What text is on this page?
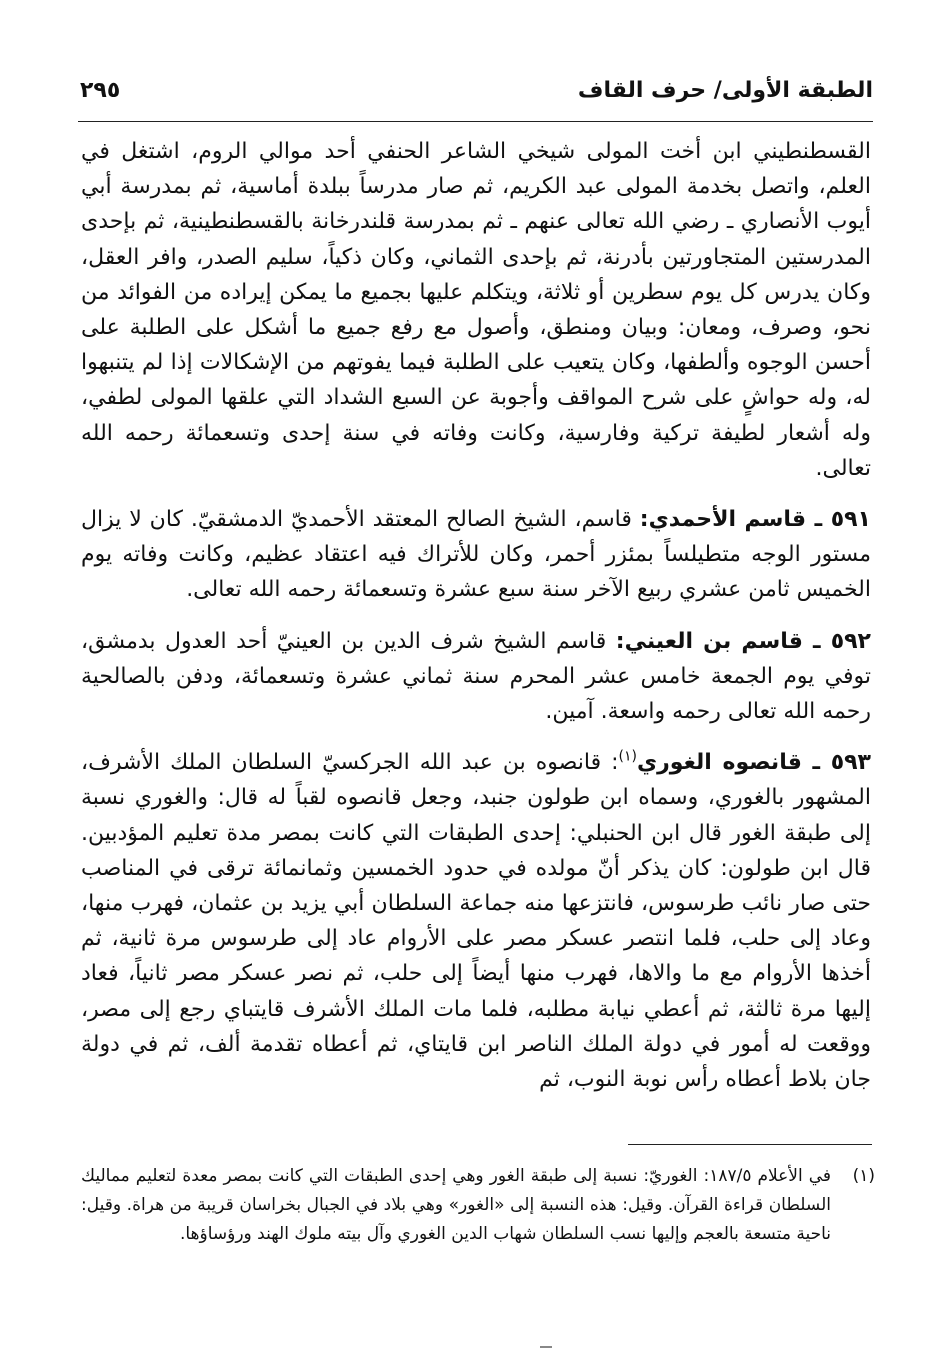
الطبقة الأولى/ حرف القاف
٢٩٥

القسطنطيني ابن أخت المولى شيخي الشاعر الحنفي أحد موالي الروم، اشتغل في العلم، واتصل بخدمة المولى عبد الكريم، ثم صار مدرساً ببلدة أماسية، ثم بمدرسة أبي أيوب الأنصاري ـ رضي الله تعالى عنهم ـ ثم بمدرسة قلندرخانة بالقسطنطينية، ثم بإحدى المدرستين المتجاورتين بأدرنة، ثم بإحدى الثماني، وكان ذكياً، سليم الصدر، وافر العقل، وكان يدرس كل يوم سطرين أو ثلاثة، ويتكلم عليها بجميع ما يمكن إيراده من الفوائد من نحو، وصرف، ومعان: وبيان ومنطق، وأصول مع رفع جميع ما أشكل على الطلبة على أحسن الوجوه وألطفها، وكان يتعيب على الطلبة فيما يفوتهم من الإشكالات إذا لم يتنبهوا له، وله حواشٍ على شرح المواقف وأجوبة عن السبع الشداد التي علقها المولى لطفي، وله أشعار لطيفة تركية وفارسية، وكانت وفاته في سنة إحدى وتسعمائة رحمه الله تعالى.

٥٩١ ـ قاسم الأحمدي: قاسم، الشيخ الصالح المعتقد الأحمديّ الدمشقيّ. كان لا يزال مستور الوجه متطيلساً بمئزر أحمر، وكان للأتراك فيه اعتقاد عظيم، وكانت وفاته يوم الخميس ثامن عشري ربيع الآخر سنة سبع عشرة وتسعمائة رحمه الله تعالى.

٥٩٢ ـ قاسم بن العيني: قاسم الشيخ شرف الدين بن العينيّ أحد العدول بدمشق، توفي يوم الجمعة خامس عشر المحرم سنة ثماني عشرة وتسعمائة، ودفن بالصالحية رحمه الله تعالى رحمه واسعة. آمين.

٥٩٣ ـ قانصوه الغوري$^{(١)}$: قانصوه بن عبد الله الجركسيّ السلطان الملك الأشرف، المشهور بالغوري، وسماه ابن طولون جنبد، وجعل قانصوه لقباً له قال: والغوري نسبة إلى طبقة الغور قال ابن الحنبلي: إحدى الطبقات التي كانت بمصر مدة تعليم المؤدبين. قال ابن طولون: كان يذكر أنّ مولده في حدود الخمسين وثمانمائة ترقى في المناصب حتى صار نائب طرسوس، فانتزعها منه جماعة السلطان أبي يزيد بن عثمان، فهرب منها، وعاد إلى حلب، فلما انتصر عسكر مصر على الأروام عاد إلى طرسوس مرة ثانية، ثم أخذها الأروام مع ما والاها، فهرب منها أيضاً إلى حلب، ثم نصر عسكر مصر ثانياً، فعاد إليها مرة ثالثة، ثم أعطي نيابة مطلبه، فلما مات الملك الأشرف قايتباي رجع إلى مصر، ووقعت له أمور في دولة الملك الناصر ابن قايتاي، ثم أعطاه تقدمة ألف، ثم في دولة جان بلاط أعطاه رأس نوبة النوب، ثم

(١)
في الأعلام ١٨٧/٥: الغوريّ: نسبة إلى طبقة الغور وهي إحدى الطبقات التي كانت بمصر معدة لتعليم مماليك السلطان قراءة القرآن. وقيل: هذه النسبة إلى «الغور» وهي بلاد في الجبال بخراسان قريبة من هراة. وقيل: ناحية متسعة بالعجم وإليها نسب السلطان شهاب الدين الغوري وآل بيته ملوك الهند ورؤساؤها.
